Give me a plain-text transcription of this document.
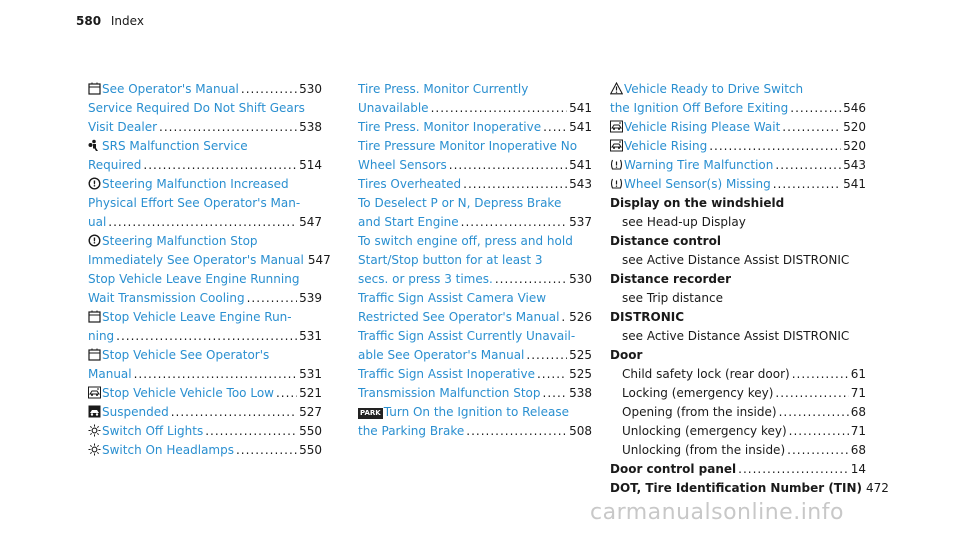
580 Index
See Operator's Manual .....	530
Service Required Do Not Shift Gears
Visit Dealer .....	538
SRS Malfunction Service
Required .....	514
! Steering Malfunction Increased
Physical Effort See Operator's Man-
ual .....	547
! Steering Malfunction Stop
Immediately See Operator's Manual 547
Stop Vehicle Leave Engine Running
Wait Transmission Cooling .....	539
Stop Vehicle Leave Engine Run-
ning .....	531
Stop Vehicle See Operator's
Manual .....	531
Stop Vehicle Vehicle Too Low ..... 521
Suspended .....	527
Switch Off Lights .....	550
Switch On Headlamps .....	550
Tire Press. Monitor Currently
Unavailable .....	541
Tire Press. Monitor Inoperative ..... 541
Tire Pressure Monitor Inoperative No
Wheel Sensors .....	541
Tires Overheated .....	543
To Deselect P or N, Depress Brake
and Start Engine .....	537
To switch engine off, press and hold
Start/Stop button for at least 3
secs. or press 3 times. .....	530
Traffic Sign Assist Camera View
Restricted See Operator's Manual ..... 526
Traffic Sign Assist Currently Unavail-
able See Operator's Manual .....	525
Traffic Sign Assist Inoperative .....	525
Transmission Malfunction Stop ..... 538
PARK Turn On the Ignition to Release
the Parking Brake .....	508
Vehicle Ready to Drive Switch
the Ignition Off Before Exiting .....	546
Vehicle Rising Please Wait .....	520
Vehicle Rising .....	520
Warning Tire Malfunction .....	543
Wheel Sensor(s) Missing .....	541
Display on the windshield
see Head-up Display
Distance control
see Active Distance Assist DISTRONIC
Distance recorder
see Trip distance
DISTRONIC
see Active Distance Assist DISTRONIC
Door
Child safety lock (rear door) .....	61
Locking (emergency key) .....	71
Opening (from the inside) .....	68
Unlocking (emergency key) .....	71
Unlocking (from the inside) .....	68
Door control panel .....	14
DOT, Tire Identification Number (TIN) 472
carmanualsonline.info
